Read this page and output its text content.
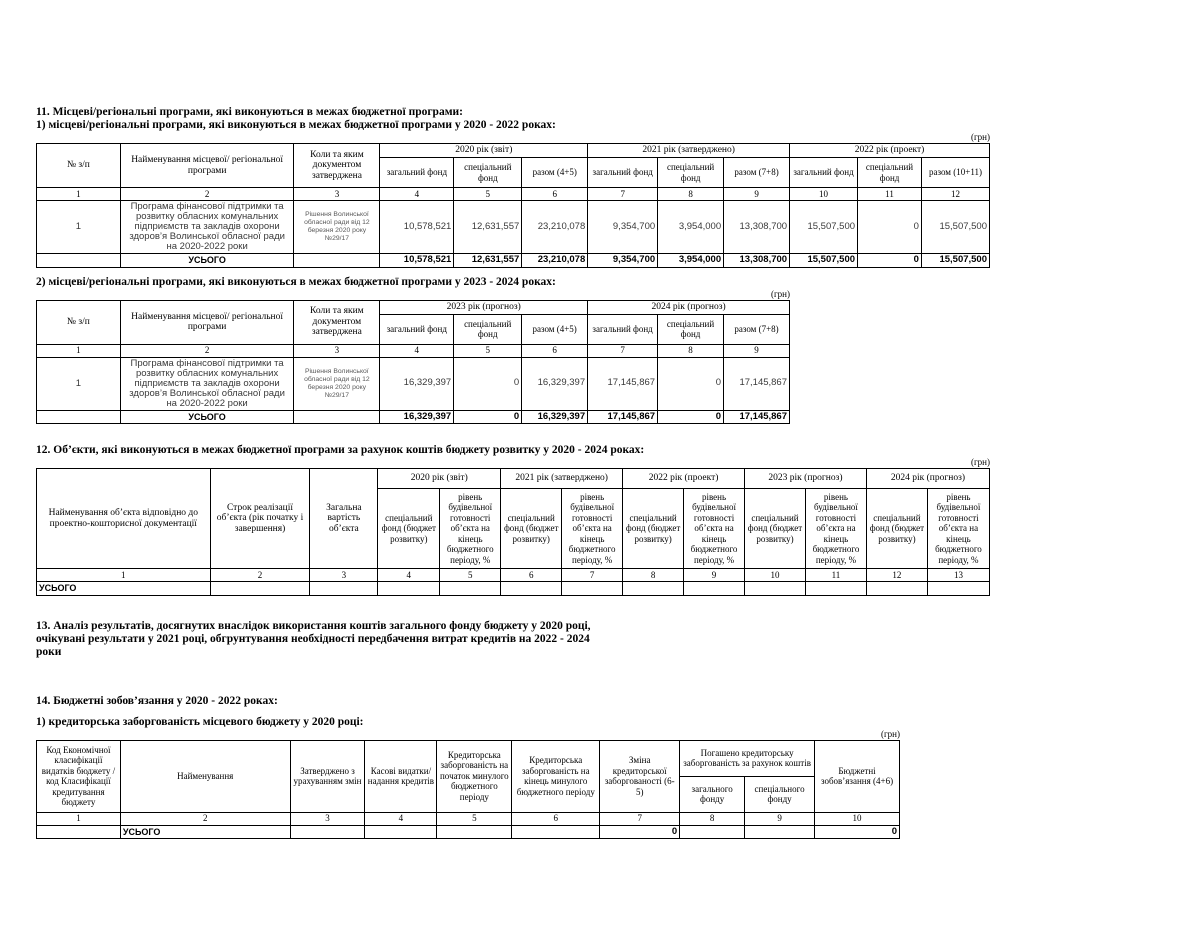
11. Місцеві/регіональні програми, які виконуються в межах бюджетної програми:

1) місцеві/регіональні програми, які виконуються в межах бюджетної програми у 2020 - 2022 роках:

(грн)
№ з/п	Найменування місцевої/ регіональної програми	Коли та яким документом затверджена	2020 рік (звіт)			2021 рік (затверджено)			2022 рік (проект)		
			загальний фонд	спеціальний фонд	разом (4+5)	загальний фонд	спеціальний фонд	разом (7+8)	загальний фонд	спеціальний фонд	разом (10+11)
1	2	3	4	5	6	7	8	9	10	11	12
1	Програма фінансової підтримки та розвитку обласних комунальних підприємств та закладів охорони здоров’я Волинської обласної ради на 2020-2022 роки	Рішення Волинської обласної ради від 12 березня 2020 року №29/17	10,578,521	12,631,557	23,210,078	9,354,700	3,954,000	13,308,700	15,507,500	0	15,507,500
	УСЬОГО		10,578,521	12,631,557	23,210,078	9,354,700	3,954,000	13,308,700	15,507,500	0	15,507,500

2) місцеві/регіональні програми, які виконуються в межах бюджетної програми у 2023 - 2024 роках:

(грн)
№ з/п	Найменування місцевої/ регіональної програми	Коли та яким документом затверджена	2023 рік (прогноз)			2024 рік (прогноз)		
			загальний фонд	спеціальний фонд	разом (4+5)	загальний фонд	спеціальний фонд	разом (7+8)
1	2	3	4	5	6	7	8	9
1	Програма фінансової підтримки та розвитку обласних комунальних підприємств та закладів охорони здоров’я Волинської обласної ради на 2020-2022 роки	Рішення Волинської обласної ради від 12 березня 2020 року №29/17	16,329,397	0	16,329,397	17,145,867	0	17,145,867
	УСЬОГО		16,329,397	0	16,329,397	17,145,867	0	17,145,867

12. Об’єкти, які виконуються в межах бюджетної програми за рахунок коштів бюджету розвитку у 2020 - 2024 роках:

(грн)
Найменування об’єкта відповідно до проектно-кошторисної документації	Строк реалізації об’єкта (рік початку і завершення)	Загальна вартість об’єкта	2020 рік (звіт)		2021 рік (затверджено)		2022 рік (проект)		2023 рік (прогноз)		2024 рік (прогноз)	
			спеціальний фонд (бюджет розвитку)	рівень будівельної готовності об’єкта на кінець бюджетного періоду, %	спеціальний фонд (бюджет розвитку)	рівень будівельної готовності об’єкта на кінець бюджетного періоду, %	спеціальний фонд (бюджет розвитку)	рівень будівельної готовності об’єкта на кінець бюджетного періоду, %	спеціальний фонд (бюджет розвитку)	рівень будівельної готовності об’єкта на кінець бюджетного періоду, %	спеціальний фонд (бюджет розвитку)	рівень будівельної готовності об’єкта на кінець бюджетного періоду, %
1	2	3	4	5	6	7	8	9	10	11	12	13
УСЬОГО												

13. Аналіз результатів, досягнутих внаслідок використання коштів загального фонду бюджету у 2020 році, очікувані результати у 2021 році, обгрунтування необхідності передбачення витрат кредитів на 2022 - 2024 роки

14. Бюджетні зобов’язання у 2020 - 2022 роках:

1) кредиторська заборгованість місцевого бюджету у 2020 році:

(грн)
Код Економічної класифікації видатків бюджету / код Класифікації кредитування бюджету	Найменування	Затверджено з урахуванням змін	Касові видатки/ надання кредитів	Кредиторська заборгованість на початок минулого бюджетного періоду	Кредиторська заборгованість на кінець минулого бюджетного періоду	Зміна кредиторської заборгованості (6-5)	Погашено кредиторську заборгованість за рахунок коштів		Бюджетні зобов’язання (4+6)
							загального фонду	спеціального фонду	
1	2	3	4	5	6	7	8	9	10
	УСЬОГО					0			0
